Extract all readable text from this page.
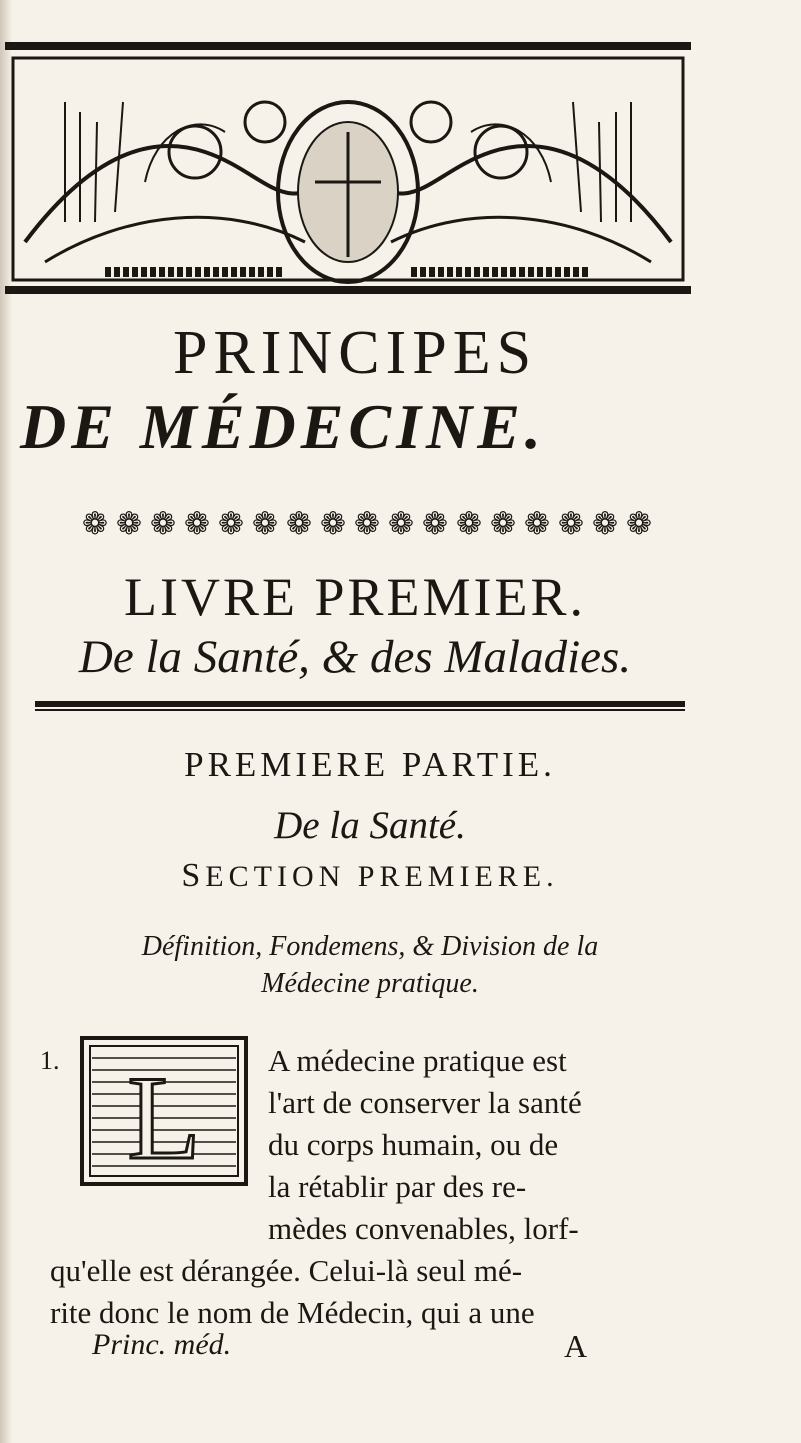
PRINCIPES
DE MÉDECINE.
❁ ❁ ❁ ❁ ❁ ❁ ❁ ❁ ❁ ❁ ❁ ❁ ❁ ❁ ❁ ❁ ❁
LIVRE PREMIER.
De la Santé, & des Maladies.
PREMIERE PARTIE.
De la Santé.
SECTION PREMIERE.
Définition, Fondemens, & Division de la
Médecine pratique.
1. L A médecine pratique est
l'art de conserver la santé
du corps humain, ou de
la rétablir par des re-
mèdes convenables, lorf-
qu'elle est dérangée. Celui-là seul mé-
rite donc le nom de Médecin, qui a une
Princ. méd.	A
